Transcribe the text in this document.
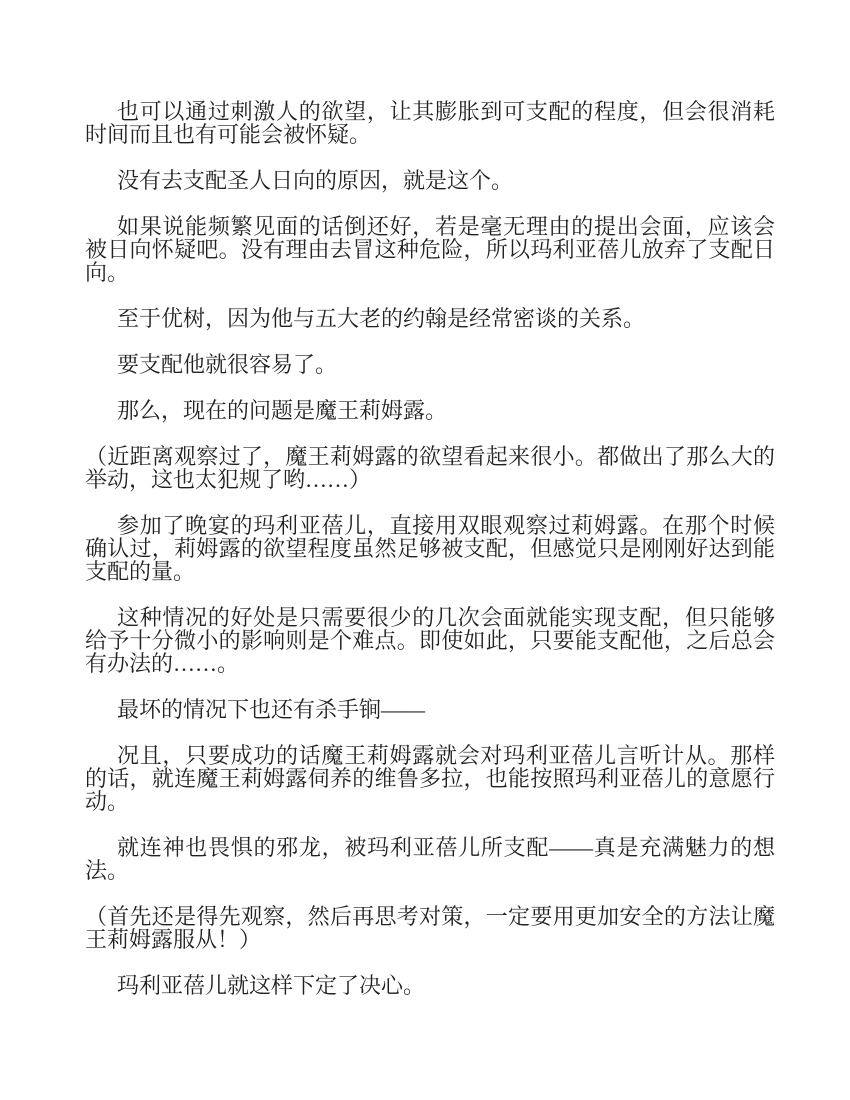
也可以通过刺激人的欲望，让其膨胀到可支配的程度，但会很消耗时间而且也有可能会被怀疑。

没有去支配圣人日向的原因，就是这个。

如果说能频繁见面的话倒还好，若是毫无理由的提出会面，应该会被日向怀疑吧。没有理由去冒这种危险，所以玛利亚蓓儿放弃了支配日向。

至于优树，因为他与五大老的约翰是经常密谈的关系。

要支配他就很容易了。

那么，现在的问题是魔王莉姆露。

（近距离观察过了，魔王莉姆露的欲望看起来很小。都做出了那么大的举动，这也太犯规了哟……）

参加了晚宴的玛利亚蓓儿，直接用双眼观察过莉姆露。在那个时候确认过，莉姆露的欲望程度虽然足够被支配，但感觉只是刚刚好达到能支配的量。

这种情况的好处是只需要很少的几次会面就能实现支配，但只能够给予十分微小的影响则是个难点。即使如此，只要能支配他，之后总会有办法的……。

最坏的情况下也还有杀手锏——

况且，只要成功的话魔王莉姆露就会对玛利亚蓓儿言听计从。那样的话，就连魔王莉姆露伺养的维鲁多拉，也能按照玛利亚蓓儿的意愿行动。

就连神也畏惧的邪龙，被玛利亚蓓儿所支配——真是充满魅力的想法。

（首先还是得先观察，然后再思考对策，一定要用更加安全的方法让魔王莉姆露服从！）

玛利亚蓓儿就这样下定了决心。
